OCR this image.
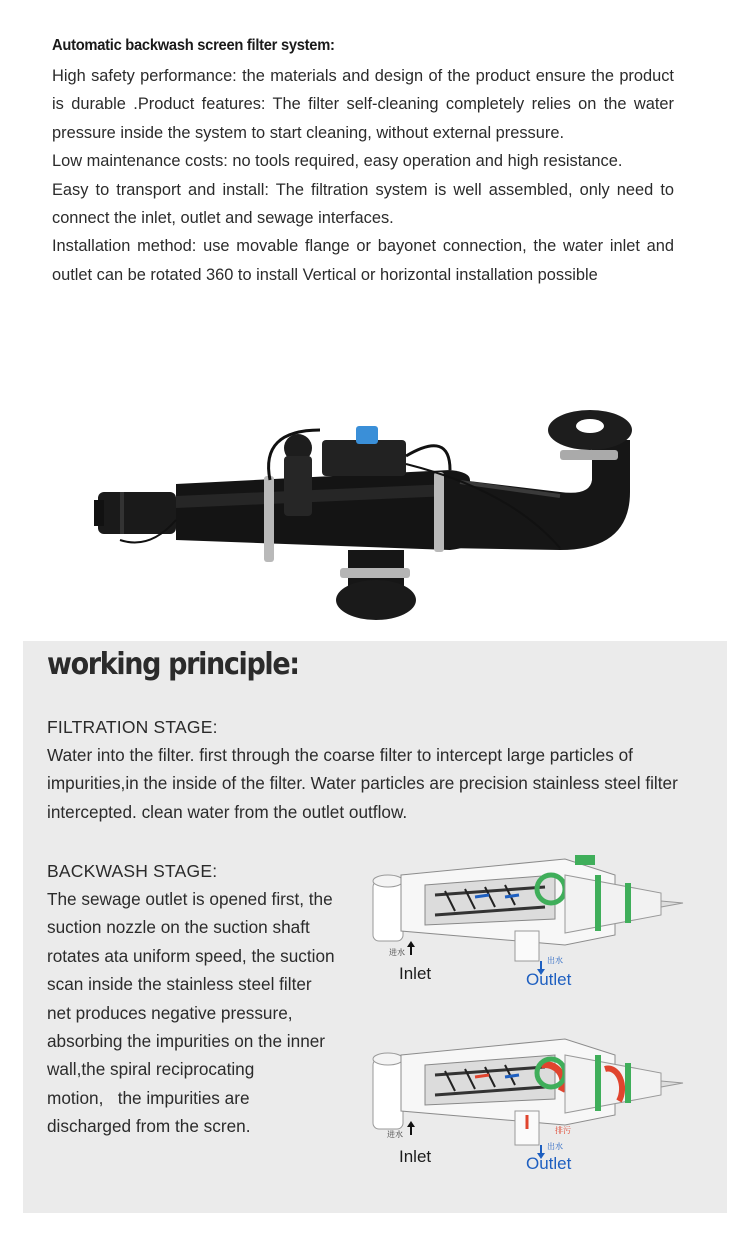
Automatic backwash screen filter system:

High safety performance: the materials and design of the product ensure the product is durable .Product features: The filter self-cleaning completely relies on the water pressure inside the system to start cleaning, without external pressure.

Low maintenance costs: no tools required, easy operation and high resistance.

Easy to transport and install: The filtration system is well assembled, only need to connect the inlet, outlet and sewage interfaces.

Installation method: use movable flange or bayonet connection, the water inlet and outlet can be rotated 360 to install Vertical or horizontal installation possible

working principle:
FILTRATION STAGE:

Water into the filter. first through the coarse filter to intercept large particles of impurities,in the inside of the filter. Water particles are precision stainless steel filter intercepted. clean water from the outlet outflow.

BACKWASH STAGE:

The sewage outlet is opened first, the suction nozzle on the suction shaft rotates ata uniform speed, the suction scan inside the stainless steel filter net produces negative pressure, absorbing the impurities on the inner wall,the spiral reciprocating motion,   the impurities are discharged from the scren.

进水
Inlet
出水
Outlet
进水	排污
Inlet
出水
Outlet
